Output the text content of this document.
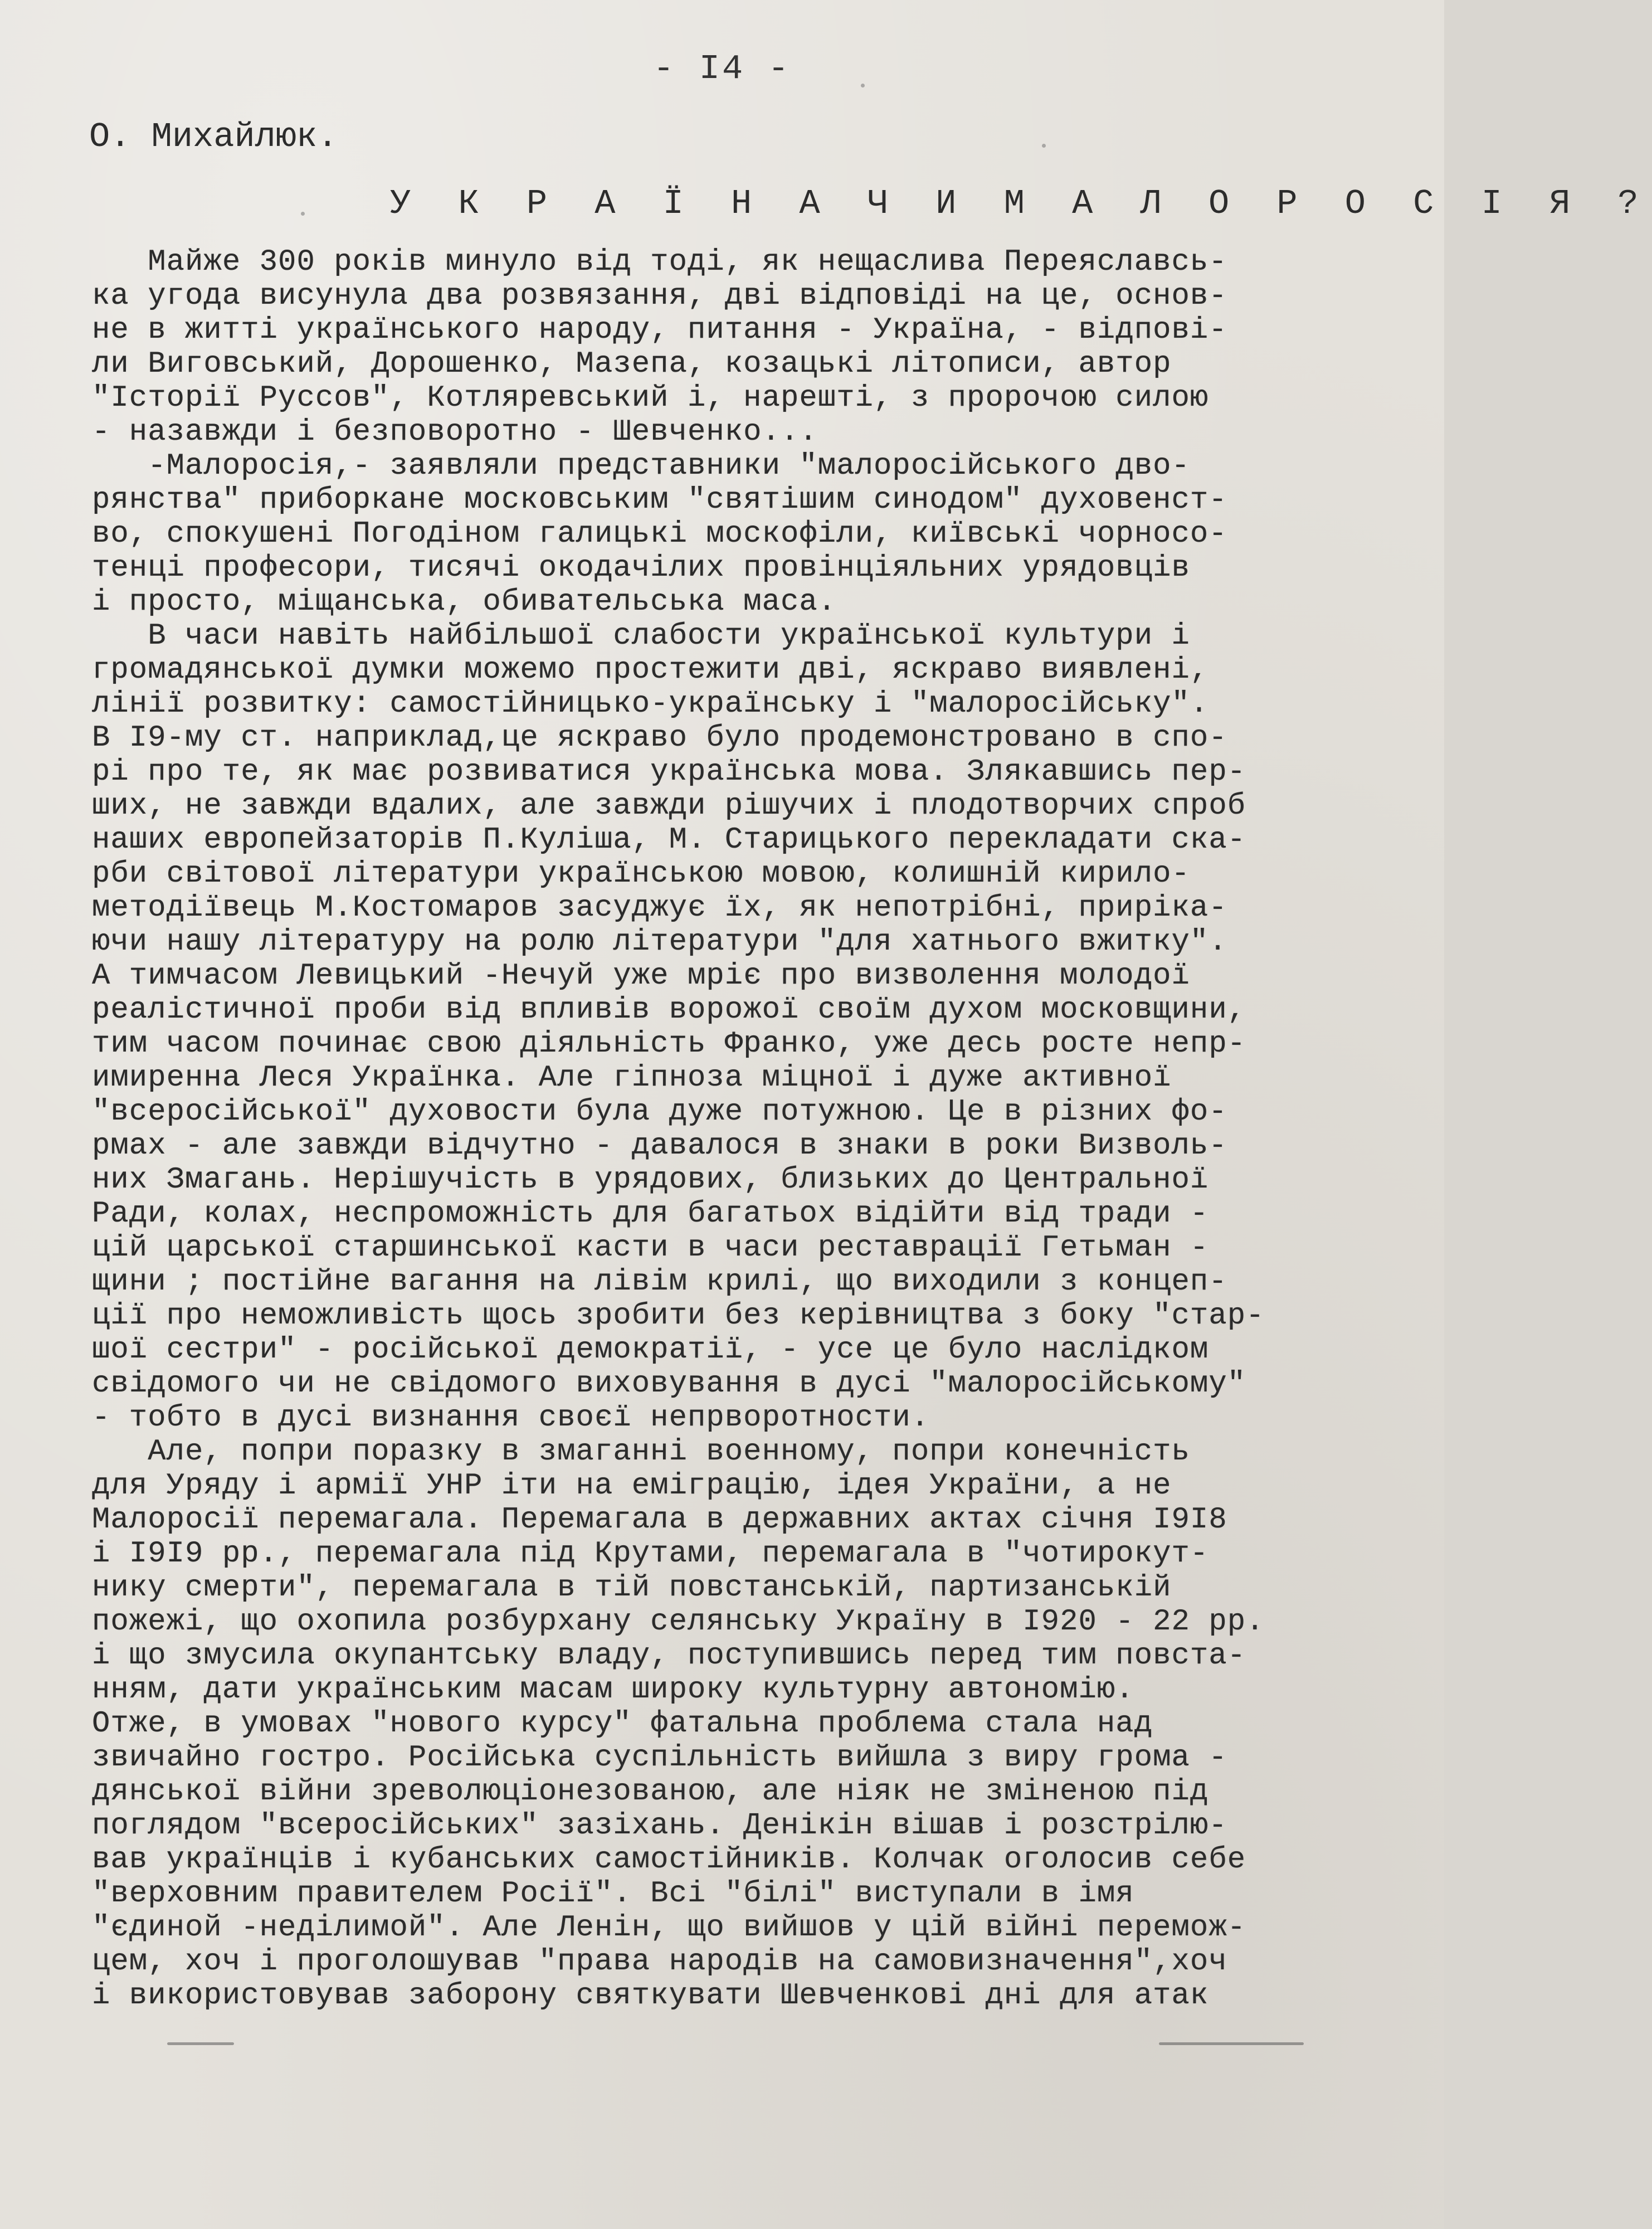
- I4 -
О. Михайлюк.
У К Р А Ї Н А Ч И М А Л О Р О С І Я ?
Майже 300 років минуло від тоді, як нещаслива Переяславсь-
ка угода висунула два розвязання, дві відповіді на це, основ-
не в житті українського народу, питання - Україна, - відпові-
ли Виговський, Дорошенко, Мазепа, козацькі літописи, автор
"Історії Руссов", Котляревський і, нарешті, з пророчою силою
- назавжди і безповоротно - Шевченко...
-Малоросія,- заявляли представники "малоросійського дво-
рянства" приборкане московським "святішим синодом" духовенст-
во, спокушені Погодіном галицькі москофіли, київські чорносо-
тенці професори, тисячі окодачілих провінціяльних урядовців
і просто, міщанська, обивательська маса.
В часи навіть найбільшої слабости української культури і
громадянської думки можемо простежити дві, яскраво виявлені,
лінії розвитку: самостійницько-українську і "малоросійську".
В I9-му ст. наприклад,це яскраво було продемонстровано в спо-
рі про те, як має розвиватися українська мова. Злякавшись пер-
ших, не завжди вдалих, але завжди рішучих і плодотворчих спроб
наших европейзаторів П.Куліша, М. Старицького перекладати ска-
рби світової літератури українською мовою, колишній кирило-
методіївець М.Костомаров засуджує їх, як непотрібні, прирікa-
ючи нашу літературу на ролю літератури "для хатнього вжитку".
А тимчасом Левицький -Нечуй уже мріє про визволення молодої
реалістичної проби від впливів ворожої своїм духом московщини,
тим часом починає свою діяльність Франко, уже десь росте непр-
имиренна Леся Українка. Але гіпноза міцної і дуже активної
"всеросійської" духовости була дуже потужною. Це в різних фо-
рмах - але завжди відчутно - давалося в знаки в роки Визволь-
них Змагань. Нерішучість в урядових, близьких до Центральної
Ради, колах, неспроможність для багатьох відійти від тради -
цій царської старшинської касти в часи реставрації Гетьман -
щини ; постійне вагання на лівім крилі, що виходили з концеп-
ції про неможливість щось зробити без керівництва з боку "стар-
шої сестри" - російської демократії, - усе це було наслідком
свідомого чи не свідомого виховування в дусі "малоросійському"
- тобто в дусі визнання своєї непрворотности.
Але, попри поразку в змаганні военному, попри конечність
для Уряду і армії УНР іти на еміграцію, ідея України, а не
Малоросії перемагала. Перемагала в державних актах січня I9I8
і I9I9 рр., перемагала під Крутами, перемагала в "чотирокут-
нику смерти", перемагала в тій повстанській, партизанській
пожежі, що охопила розбурхану селянську Україну в I920 - 22 рр.
і що змусила окупантську владу, поступившись перед тим повста-
нням, дати українським масам широку культурну автономію.
Отже, в умовах "нового курсу" фатальна проблема стала над
звичайно гостро. Російська суспільність вийшла з виру грома -
дянської війни зреволюціонезованою, але ніяк не зміненою під
поглядом "всеросійських" зазіхань. Денікін вішав і розстрілю-
вав українців і кубанських самостійників. Колчак оголосив себе
"верховним правителем Росії". Всі "білі" виступали в імя
"єдиной -неділимой". Але Ленін, що вийшов у цій війні перемож-
цем, хоч і проголошував "права народів на самовизначення",хоч
і використовував заборону святкувати Шевченкові дні для атак
